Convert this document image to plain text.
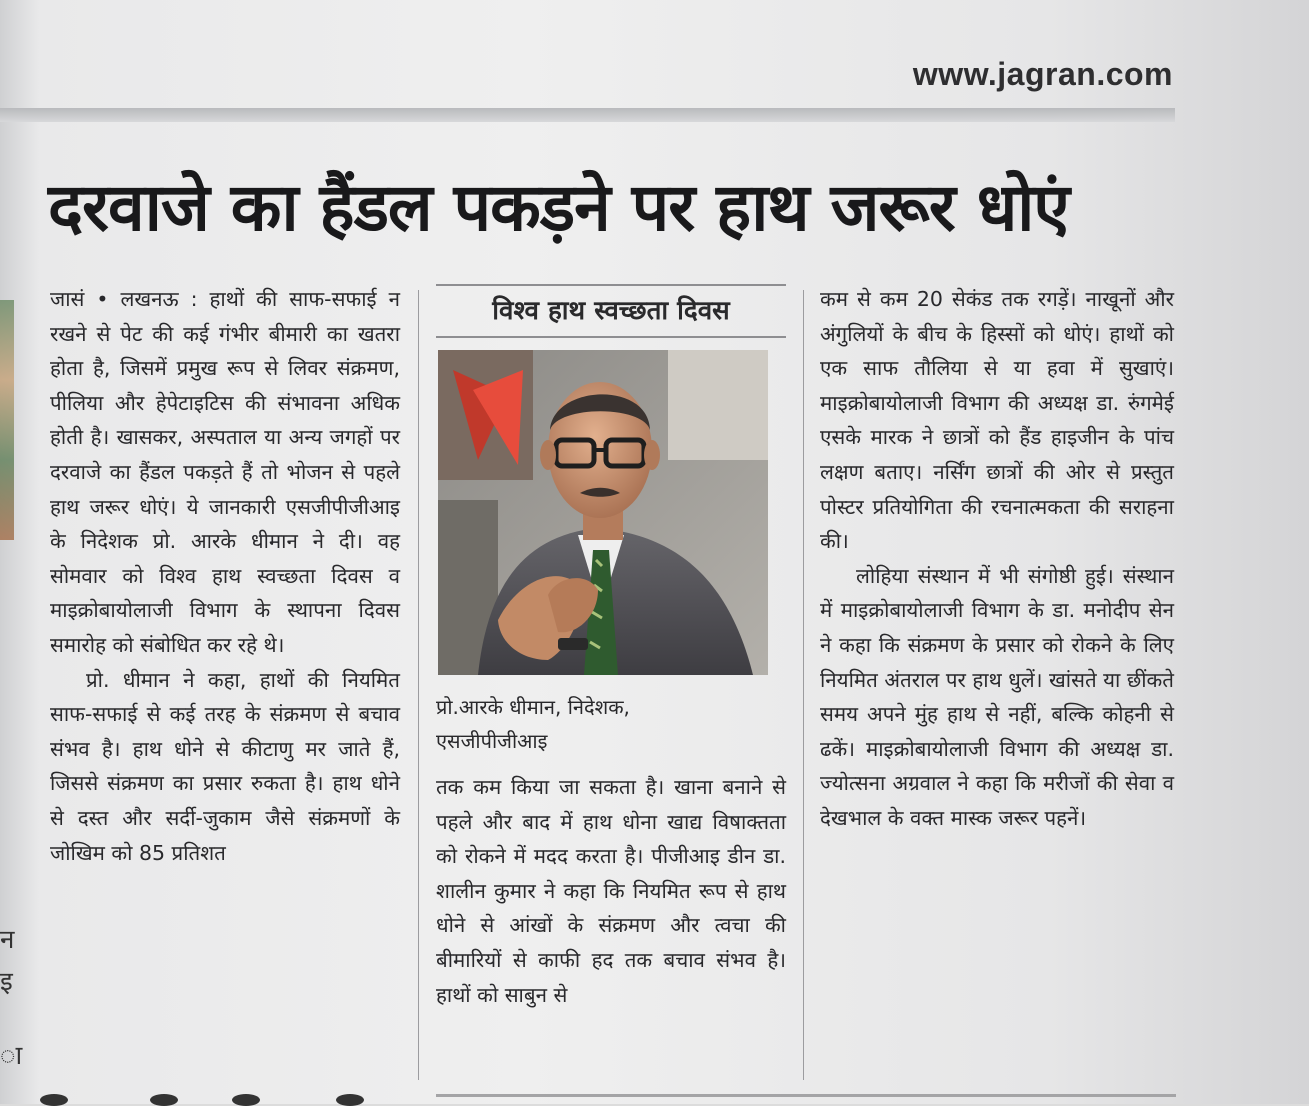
न
इ
ा
www.jagran.com
दरवाजे का हैंडल पकड़ने पर हाथ जरूर धोएं

जासं • लखनऊ : हाथों की साफ-सफाई न रखने से पेट की कई गंभीर बीमारी का खतरा होता है, जिसमें प्रमुख रूप से लिवर संक्रमण, पीलिया और हेपेटाइटिस की संभावना अधिक होती है। खासकर, अस्पताल या अन्य जगहों पर दरवाजे का हैंडल पकड़ते हैं तो भोजन से पहले हाथ जरूर धोएं। ये जानकारी एसजीपीजीआइ के निदेशक प्रो. आरके धीमान ने दी। वह सोमवार को विश्व हाथ स्वच्छता दिवस व माइक्रोबायोलाजी विभाग के स्थापना दिवस समारोह को संबोधित कर रहे थे।

प्रो. धीमान ने कहा, हाथों की नियमित साफ-सफाई से कई तरह के संक्रमण से बचाव संभव है। हाथ धोने से कीटाणु मर जाते हैं, जिससे संक्रमण का प्रसार रुकता है। हाथ धोने से दस्त और सर्दी-जुकाम जैसे संक्रमणों के जोखिम को 85 प्रतिशत

विश्व हाथ स्वच्छता दिवस
प्रो.आरके धीमान, निदेशक,
एसजीपीजीआइ

तक कम किया जा सकता है। खाना बनाने से पहले और बाद में हाथ धोना खाद्य विषाक्तता को रोकने में मदद करता है। पीजीआइ डीन डा. शालीन कुमार ने कहा कि नियमित रूप से हाथ धोने से आंखों के संक्रमण और त्वचा की बीमारियों से काफी हद तक बचाव संभव है। हाथों को साबुन से

कम से कम 20 सेकंड तक रगड़ें। नाखूनों और अंगुलियों के बीच के हिस्सों को धोएं। हाथों को एक साफ तौलिया से या हवा में सुखाएं। माइक्रोबायोलाजी विभाग की अध्यक्ष डा. रुंगमेई एसके मारक ने छात्रों को हैंड हाइजीन के पांच लक्षण बताए। नर्सिंग छात्रों की ओर से प्रस्तुत पोस्टर प्रतियोगिता की रचनात्मकता की सराहना की।

लोहिया संस्थान में भी संगोष्ठी हुई। संस्थान में माइक्रोबायोलाजी विभाग के डा. मनोदीप सेन ने कहा कि संक्रमण के प्रसार को रोकने के लिए नियमित अंतराल पर हाथ धुलें। खांसते या छींकते समय अपने मुंह हाथ से नहीं, बल्कि कोहनी से ढकें। माइक्रोबायोलाजी विभाग की अध्यक्ष डा. ज्योत्सना अग्रवाल ने कहा कि मरीजों की सेवा व देखभाल के वक्त मास्क जरूर पहनें।
